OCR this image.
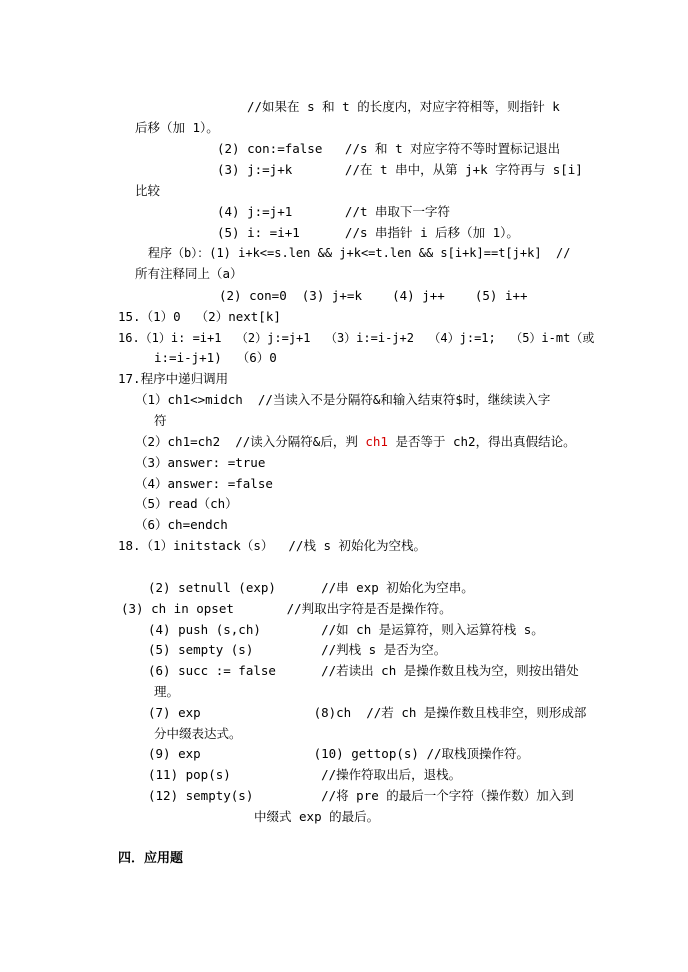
//如果在 s 和 t 的长度内，对应字符相等，则指针 k
后移（加 1）。
(2) con:=false   //s 和 t 对应字符不等时置标记退出
(3) j:=j+k       //在 t 串中，从第 j+k 字符再与 s[i]
比较
(4) j:=j+1       //t 串取下一字符
(5) i: =i+1      //s 串指针 i 后移（加 1）。
程序（b）：(1) i+k<=s.len && j+k<=t.len && s[i+k]==t[j+k]  //
所有注释同上（a）
(2) con=0  (3) j+=k    (4) j++    (5) i++
15.（1）0  （2）next[k]
16.（1）i: =i+1  （2）j:=j+1  （3）i:=i-j+2  （4）j:=1;  （5）i-mt（或
i:=i-j+1)  （6）0
17.程序中递归调用
（1）ch1<>midch  //当读入不是分隔符&和输入结束符$时，继续读入字
符
（2）ch1=ch2  //读入分隔符&后，判 ch1 是否等于 ch2，得出真假结论。
（3）answer: =true
（4）answer: =false
（5）read（ch）
（6）ch=endch
18.（1）initstack（s）  //栈 s 初始化为空栈。
(2) setnull (exp)      //串 exp 初始化为空串。
(3) ch in opset       //判取出字符是否是操作符。
(4) push (s,ch)        //如 ch 是运算符，则入运算符栈 s。
(5) sempty (s)         //判栈 s 是否为空。
(6) succ := false      //若读出 ch 是操作数且栈为空，则按出错处
理。
(7) exp               (8)ch  //若 ch 是操作数且栈非空，则形成部
分中缀表达式。
(9) exp               (10) gettop(s) //取栈顶操作符。
(11) pop(s)            //操作符取出后，退栈。
(12) sempty(s)         //将 pre 的最后一个字符（操作数）加入到
中缀式 exp 的最后。
四．应用题
